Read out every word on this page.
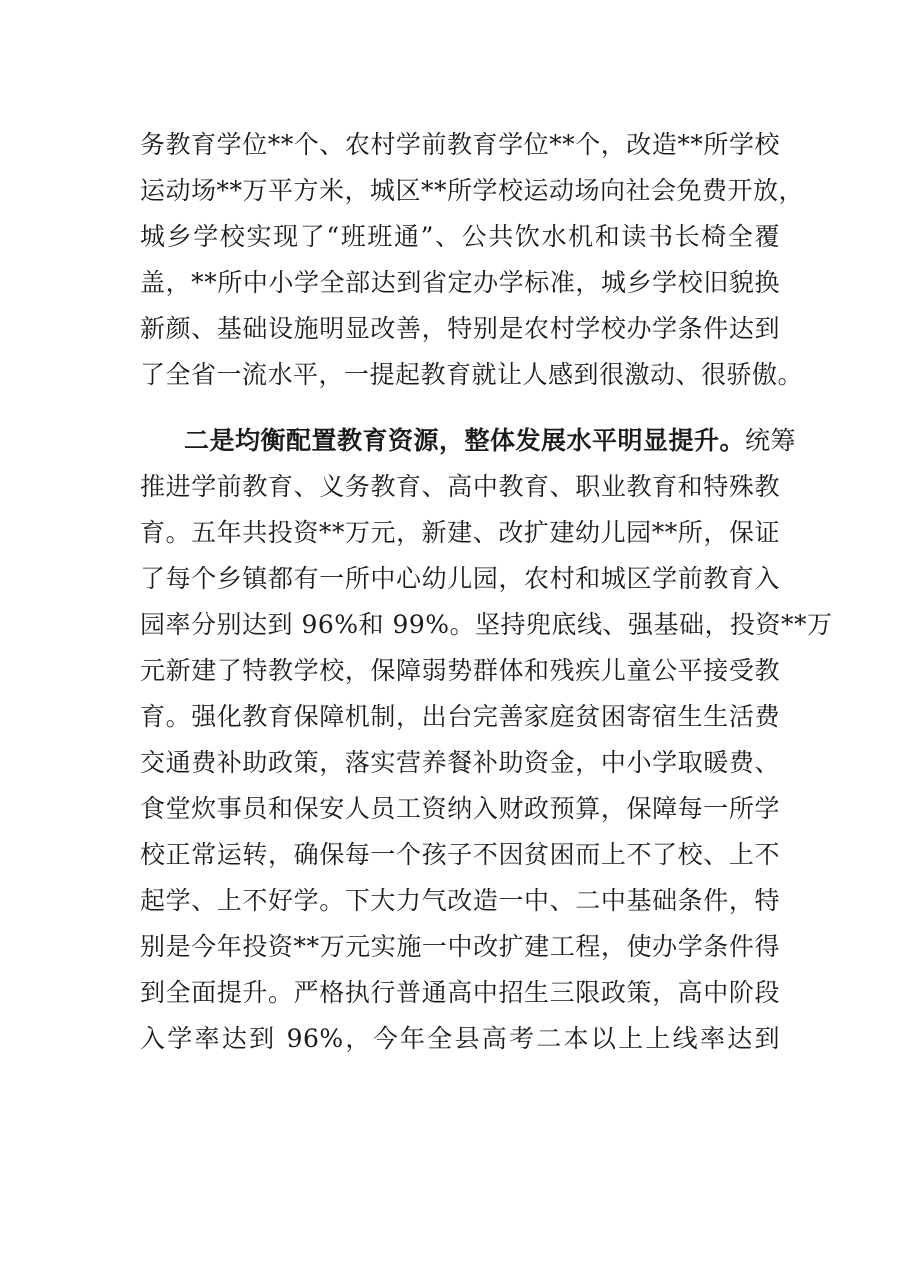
务教育学位**个、农村学前教育学位**个，改造**所学校
运动场**万平方米，城区**所学校运动场向社会免费开放，
城乡学校实现了“班班通”、公共饮水机和读书长椅全覆
盖，**所中小学全部达到省定办学标准，城乡学校旧貌换
新颜、基础设施明显改善，特别是农村学校办学条件达到
了全省一流水平，一提起教育就让人感到很激动、很骄傲。
二是均衡配置教育资源，整体发展水平明显提升。统筹
推进学前教育、义务教育、高中教育、职业教育和特殊教
育。五年共投资**万元，新建、改扩建幼儿园**所，保证
了每个乡镇都有一所中心幼儿园，农村和城区学前教育入
园率分别达到 96%和 99%。坚持兜底线、强基础，投资**万
元新建了特教学校，保障弱势群体和残疾儿童公平接受教
育。强化教育保障机制，出台完善家庭贫困寄宿生生活费
交通费补助政策，落实营养餐补助资金，中小学取暖费、
食堂炊事员和保安人员工资纳入财政预算，保障每一所学
校正常运转，确保每一个孩子不因贫困而上不了校、上不
起学、上不好学。下大力气改造一中、二中基础条件，特
别是今年投资**万元实施一中改扩建工程，使办学条件得
到全面提升。严格执行普通高中招生三限政策，高中阶段
入学率达到 96%，今年全县高考二本以上上线率达到
